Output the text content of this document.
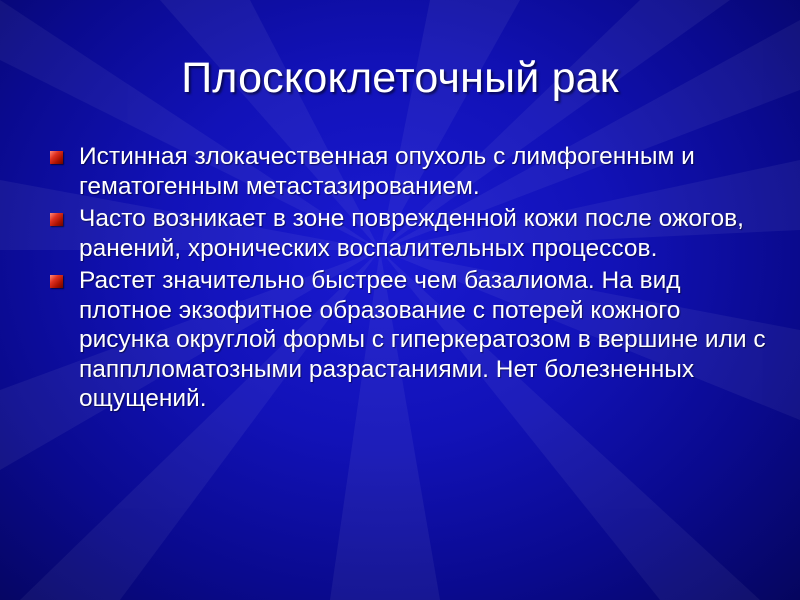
Плоскоклеточный рак
Истинная злокачественная опухоль с лимфогенным и гематогенным метастазированием.
Часто возникает в зоне поврежденной кожи после ожогов, ранений, хронических воспалительных процессов.
Растет значительно быстрее чем базалиома. На вид плотное экзофитное образование с потерей кожного рисунка округлой формы с гиперкератозом в вершине или с папплломатозными разрастаниями. Нет болезненных ощущений.
